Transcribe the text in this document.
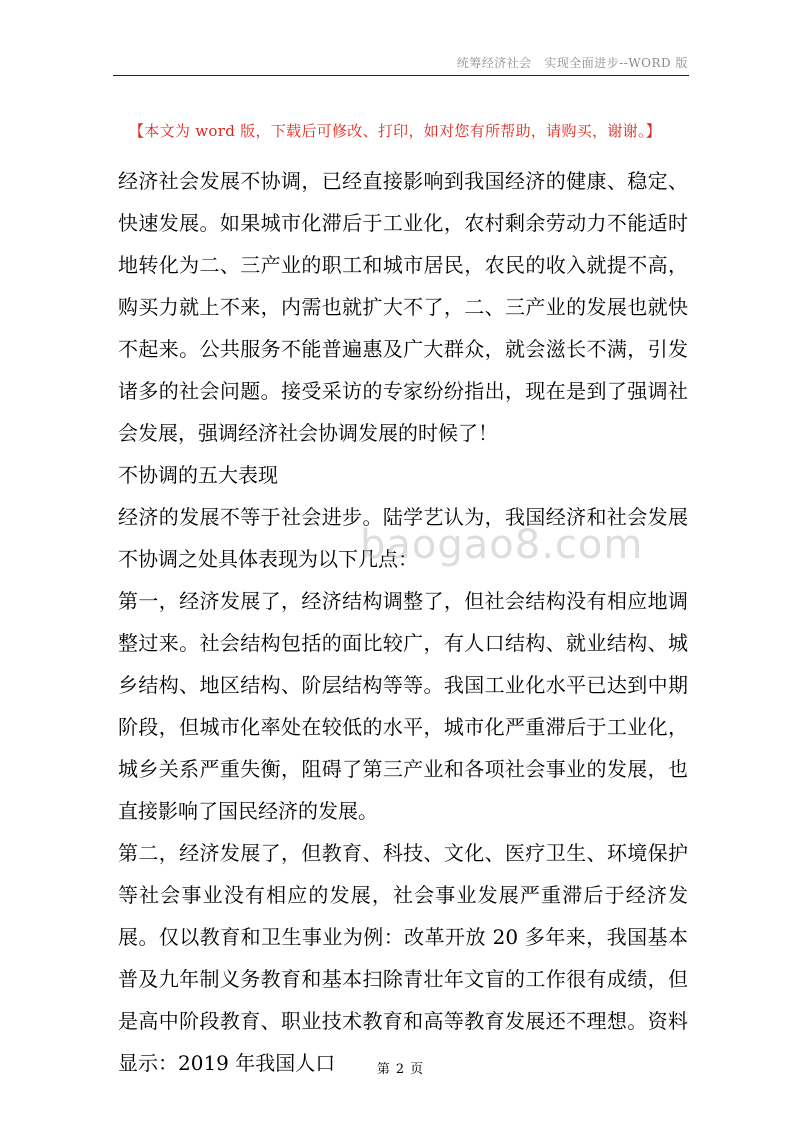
统筹经济社会　实现全面进步--WORD 版
【本文为 word 版，下载后可修改、打印，如对您有所帮助，请购买，谢谢。】

经济社会发展不协调，已经直接影响到我国经济的健康、稳定、快速发展。如果城市化滞后于工业化，农村剩余劳动力不能适时地转化为二、三产业的职工和城市居民，农民的收入就提不高，购买力就上不来，内需也就扩大不了，二、三产业的发展也就快不起来。公共服务不能普遍惠及广大群众，就会滋长不满，引发诸多的社会问题。接受采访的专家纷纷指出，现在是到了强调社会发展，强调经济社会协调发展的时候了！

不协调的五大表现

经济的发展不等于社会进步。陆学艺认为，我国经济和社会发展不协调之处具体表现为以下几点：

第一，经济发展了，经济结构调整了，但社会结构没有相应地调整过来。社会结构包括的面比较广，有人口结构、就业结构、城乡结构、地区结构、阶层结构等等。我国工业化水平已达到中期阶段，但城市化率处在较低的水平，城市化严重滞后于工业化，城乡关系严重失衡，阻碍了第三产业和各项社会事业的发展，也直接影响了国民经济的发展。

第二，经济发展了，但教育、科技、文化、医疗卫生、环境保护等社会事业没有相应的发展，社会事业发展严重滞后于经济发展。仅以教育和卫生事业为例：改革开放 20 多年来，我国基本普及九年制义务教育和基本扫除青壮年文盲的工作很有成绩，但是高中阶段教育、职业技术教育和高等教育发展还不理想。资料显示：2019 年我国人口

baogao8.com
第 2 页
